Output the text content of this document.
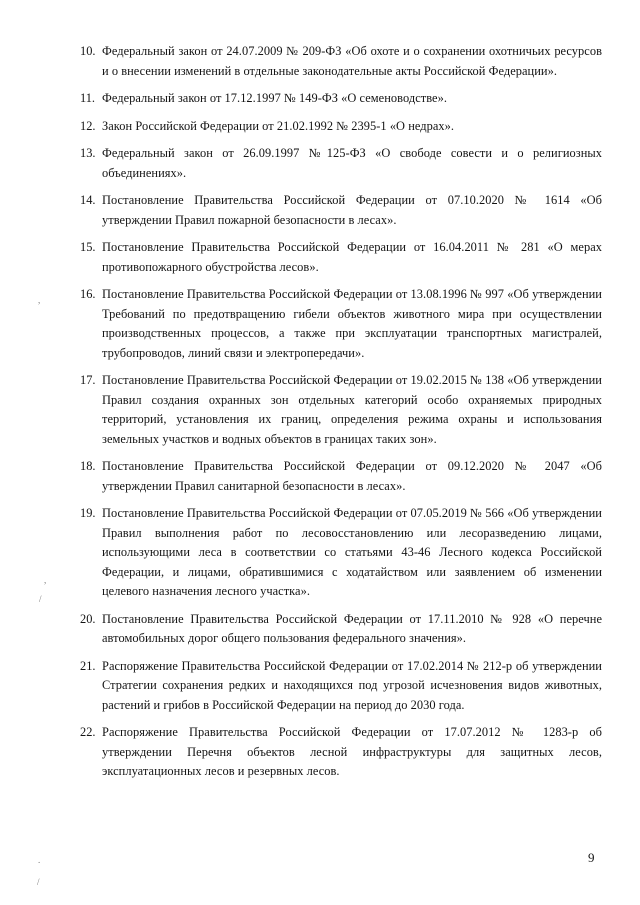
10. Федеральный закон от 24.07.2009 № 209-ФЗ «Об охоте и о сохранении охотничьих ресурсов и о внесении изменений в отдельные законодательные акты Российской Федерации».
11. Федеральный закон от 17.12.1997 № 149-ФЗ «О семеноводстве».
12. Закон Российской Федерации от 21.02.1992 № 2395-1 «О недрах».
13. Федеральный закон от 26.09.1997 №125-ФЗ «О свободе совести и о религиозных объединениях».
14. Постановление Правительства Российской Федерации от 07.10.2020 № 1614 «Об утверждении Правил пожарной безопасности в лесах».
15. Постановление Правительства Российской Федерации от 16.04.2011 № 281 «О мерах противопожарного обустройства лесов».
16. Постановление Правительства Российской Федерации от 13.08.1996 № 997 «Об утверждении Требований по предотвращению гибели объектов животного мира при осуществлении производственных процессов, а также при эксплуатации транспортных магистралей, трубопроводов, линий связи и электропередачи».
17. Постановление Правительства Российской Федерации от 19.02.2015 № 138 «Об утверждении Правил создания охранных зон отдельных категорий особо охраняемых природных территорий, установления их границ, определения режима охраны и использования земельных участков и водных объектов в границах таких зон».
18. Постановление Правительства Российской Федерации от 09.12.2020 № 2047 «Об утверждении Правил санитарной безопасности в лесах».
19. Постановление Правительства Российской Федерации от 07.05.2019 № 566 «Об утверждении Правил выполнения работ по лесовосстановлению или лесоразведению лицами, использующими леса в соответствии со статьями 43-46 Лесного кодекса Российской Федерации, и лицами, обратившимися с ходатайством или заявлением об изменении целевого назначения лесного участка».
20. Постановление Правительства Российской Федерации от 17.11.2010 № 928 «О перечне автомобильных дорог общего пользования федерального значения».
21. Распоряжение Правительства Российской Федерации от 17.02.2014 № 212-р об утверждении Стратегии сохранения редких и находящихся под угрозой исчезновения видов животных, растений и грибов в Российской Федерации на период до 2030 года.
22. Распоряжение Правительства Российской Федерации от 17.07.2012 № 1283-р об утверждении Перечня объектов лесной инфраструктуры для защитных лесов, эксплуатационных лесов и резервных лесов.
9
,
,
/
.
/
